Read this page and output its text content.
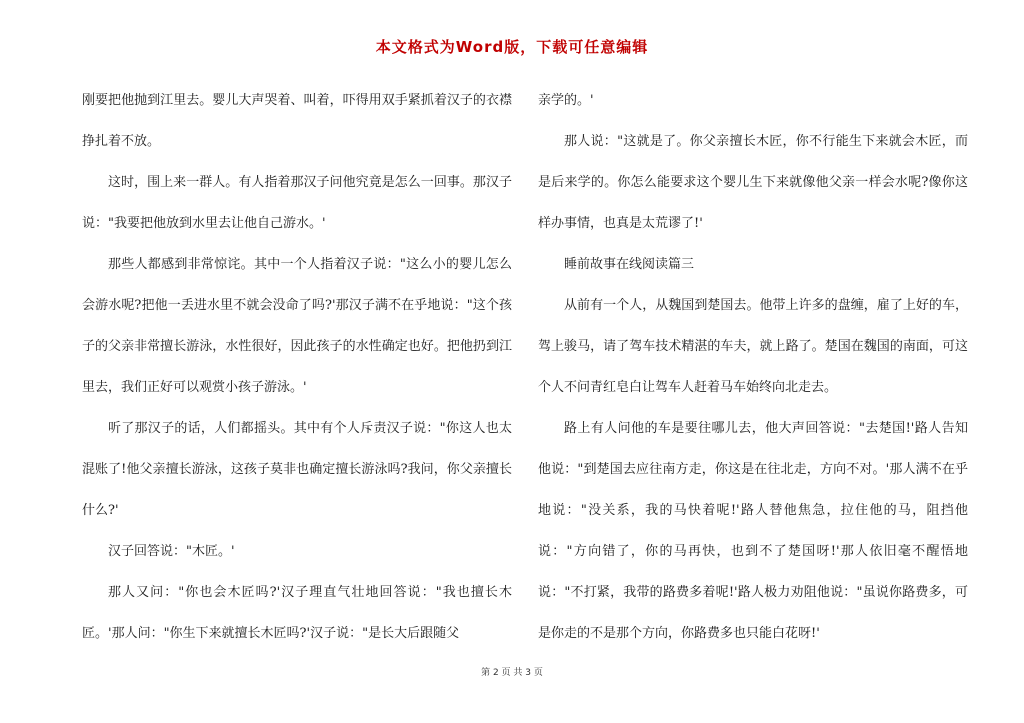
本文格式为Word版，下载可任意编辑

刚要把他抛到江里去。婴儿大声哭着、叫着，吓得用双手紧抓着汉子的衣襟挣扎着不放。

这时，围上来一群人。有人指着那汉子问他究竟是怎么一回事。那汉子说："我要把他放到水里去让他自己游水。'

那些人都感到非常惊诧。其中一个人指着汉子说："这么小的婴儿怎么会游水呢?把他一丢进水里不就会没命了吗?'那汉子满不在乎地说："这个孩子的父亲非常擅长游泳，水性很好，因此孩子的水性确定也好。把他扔到江里去，我们正好可以观赏小孩子游泳。'

听了那汉子的话，人们都摇头。其中有个人斥责汉子说："你这人也太混账了!他父亲擅长游泳，这孩子莫非也确定擅长游泳吗?我问，你父亲擅长什么?'

汉子回答说："木匠。'

那人又问："你也会木匠吗?'汉子理直气壮地回答说："我也擅长木匠。'那人问："你生下来就擅长木匠吗?'汉子说："是长大后跟随父

亲学的。'

那人说："这就是了。你父亲擅长木匠，你不行能生下来就会木匠，而是后来学的。你怎么能要求这个婴儿生下来就像他父亲一样会水呢?像你这样办事情，也真是太荒谬了!'

睡前故事在线阅读篇三

从前有一个人，从魏国到楚国去。他带上许多的盘缠，雇了上好的车，驾上骏马，请了驾车技术精湛的车夫，就上路了。楚国在魏国的南面，可这个人不问青红皂白让驾车人赶着马车始终向北走去。

路上有人问他的车是要往哪儿去，他大声回答说："去楚国!'路人告知他说："到楚国去应往南方走，你这是在往北走，方向不对。'那人满不在乎地说："没关系，我的马快着呢!'路人替他焦急，拉住他的马，阻挡他说："方向错了，你的马再快，也到不了楚国呀!'那人依旧毫不醒悟地说："不打紧，我带的路费多着呢!'路人极力劝阻他说："虽说你路费多，可是你走的不是那个方向，你路费多也只能白花呀!'

第 2 页 共 3 页
